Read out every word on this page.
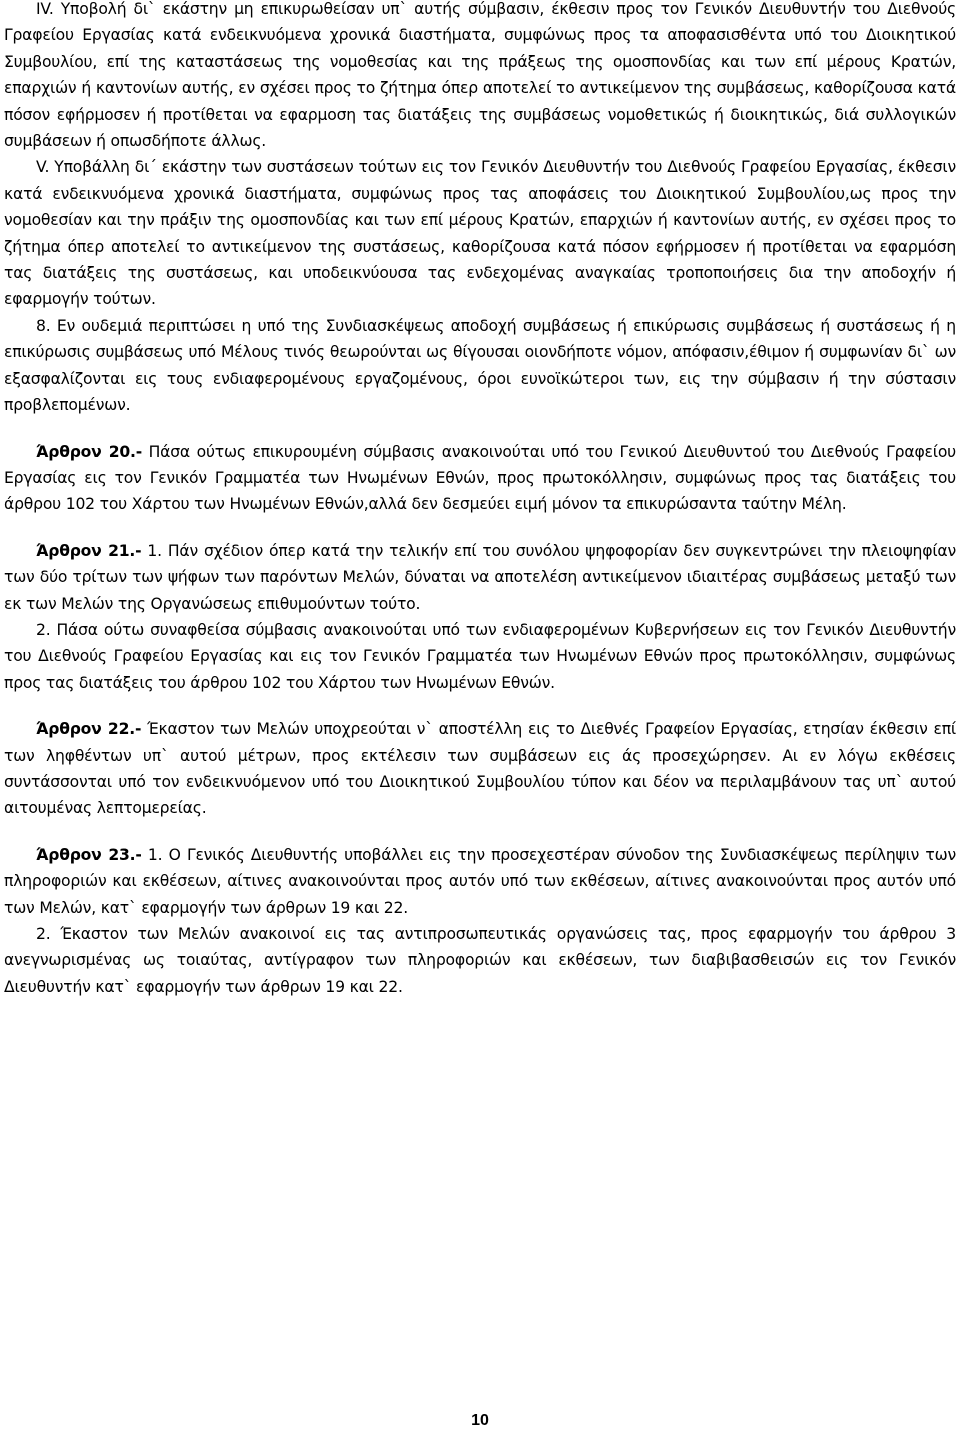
IV. Υποβολή δι` εκάστην μη επικυρωθείσαν υπ` αυτής σύμβασιν, έκθεσιν προς τον Γενικόν Διευθυντήν του Διεθνούς Γραφείου Εργασίας κατά ενδεικνυόμενα χρονικά διαστήματα, συμφώνως προς τα αποφασισθέντα υπό του Διοικητικού Συμβουλίου, επί της καταστάσεως της νομοθεσίας και της πράξεως της ομοσπονδίας και των επί μέρους Κρατών, επαρχιών ή καντονίων αυτής, εν σχέσει προς το ζήτημα όπερ αποτελεί το αντικείμενον της συμβάσεως, καθορίζουσα κατά πόσον εφήρμοσεν ή προτίθεται να εφαρμοση τας διατάξεις της συμβάσεως νομοθετικώς ή διοικητικώς, διά συλλογικών συμβάσεων ή οπωσδήποτε άλλως.

V. Υποβάλλη δι΄ εκάστην των συστάσεων τούτων εις τον Γενικόν Διευθυντήν του Διεθνούς Γραφείου Εργασίας, έκθεσιν κατά ενδεικνυόμενα χρονικά διαστήματα, συμφώνως προς τας αποφάσεις του Διοικητικού Συμβουλίου,ως προς την νομοθεσίαν και την πράξιν της ομοσπονδίας και των επί μέρους Κρατών, επαρχιών ή καντονίων αυτής, εν σχέσει προς το ζήτημα όπερ αποτελεί το αντικείμενον της συστάσεως, καθορίζουσα κατά πόσον εφήρμοσεν ή προτίθεται να εφαρμόση τας διατάξεις της συστάσεως, και υποδεικνύουσα τας ενδεχομένας αναγκαίας τροποποιήσεις δια την αποδοχήν ή εφαρμογήν τούτων.

8. Εν ουδεμιά περιπτώσει η υπό της Συνδιασκέψεως αποδοχή συμβάσεως ή επικύρωσις συμβάσεως ή συστάσεως ή η επικύρωσις συμβάσεως υπό Μέλους τινός θεωρούνται ως θίγουσαι οιονδήποτε νόμον, απόφασιν,έθιμον ή συμφωνίαν δι` ων εξασφαλίζονται εις τους ενδιαφερομένους εργαζομένους, όροι ευνοϊκώτεροι των, εις την σύμβασιν ή την σύστασιν προβλεπομένων.

Άρθρον 20.- Πάσα ούτως επικυρουμένη σύμβασις ανακοινούται υπό του Γενικού Διευθυντού του Διεθνούς Γραφείου Εργασίας εις τον Γενικόν Γραμματέα των Ηνωμένων Εθνών, προς πρωτοκόλλησιν, συμφώνως προς τας διατάξεις του άρθρου 102 του Χάρτου των Ηνωμένων Εθνών,αλλά δεν δεσμεύει ειμή μόνον τα επικυρώσαντα ταύτην Μέλη.

Άρθρον 21.- 1. Πάν σχέδιον όπερ κατά την τελικήν επί του συνόλου ψηφοφορίαν δεν συγκεντρώνει την πλειοψηφίαν των δύο τρίτων των ψήφων των παρόντων Μελών, δύναται να αποτελέση αντικείμενον ιδιαιτέρας συμβάσεως μεταξύ των εκ των Μελών της Οργανώσεως επιθυμούντων τούτο.

2. Πάσα ούτω συναφθείσα σύμβασις ανακοινούται υπό των ενδιαφερομένων Κυβερνήσεων εις τον Γενικόν Διευθυντήν του Διεθνούς Γραφείου Εργασίας και εις τον Γενικόν Γραμματέα των Ηνωμένων Εθνών προς πρωτοκόλλησιν, συμφώνως προς τας διατάξεις του άρθρου 102 του Χάρτου των Ηνωμένων Εθνών.

Άρθρον 22.- Έκαστον των Μελών υποχρεούται ν` αποστέλλη εις το Διεθνές Γραφείον Εργασίας, ετησίαν έκθεσιν επί των ληφθέντων υπ` αυτού μέτρων, προς εκτέλεσιν των συμβάσεων εις άς προσεχώρησεν. Αι εν λόγω εκθέσεις συντάσσονται υπό τον ενδεικνυόμενον υπό του Διοικητικού Συμβουλίου τύπον και δέον να περιλαμβάνουν τας υπ` αυτού αιτουμένας λεπτομερείας.

Άρθρον 23.- 1. Ο Γενικός Διευθυντής υποβάλλει εις την προσεχεστέραν σύνοδον της Συνδιασκέψεως περίληψιν των πληροφοριών και εκθέσεων, αίτινες ανακοινούνται προς αυτόν υπό των εκθέσεων, αίτινες ανακοινούνται προς αυτόν υπό των Μελών, κατ` εφαρμογήν των άρθρων 19 και 22.

2. Έκαστον των Μελών ανακοινοί εις τας αντιπροσωπευτικάς οργανώσεις τας, προς εφαρμογήν του άρθρου 3 ανεγνωρισμένας ως τοιαύτας, αντίγραφον των πληροφοριών και εκθέσεων, των διαβιβασθεισών εις τον Γενικόν Διευθυντήν κατ` εφαρμογήν των άρθρων 19 και 22.

10
